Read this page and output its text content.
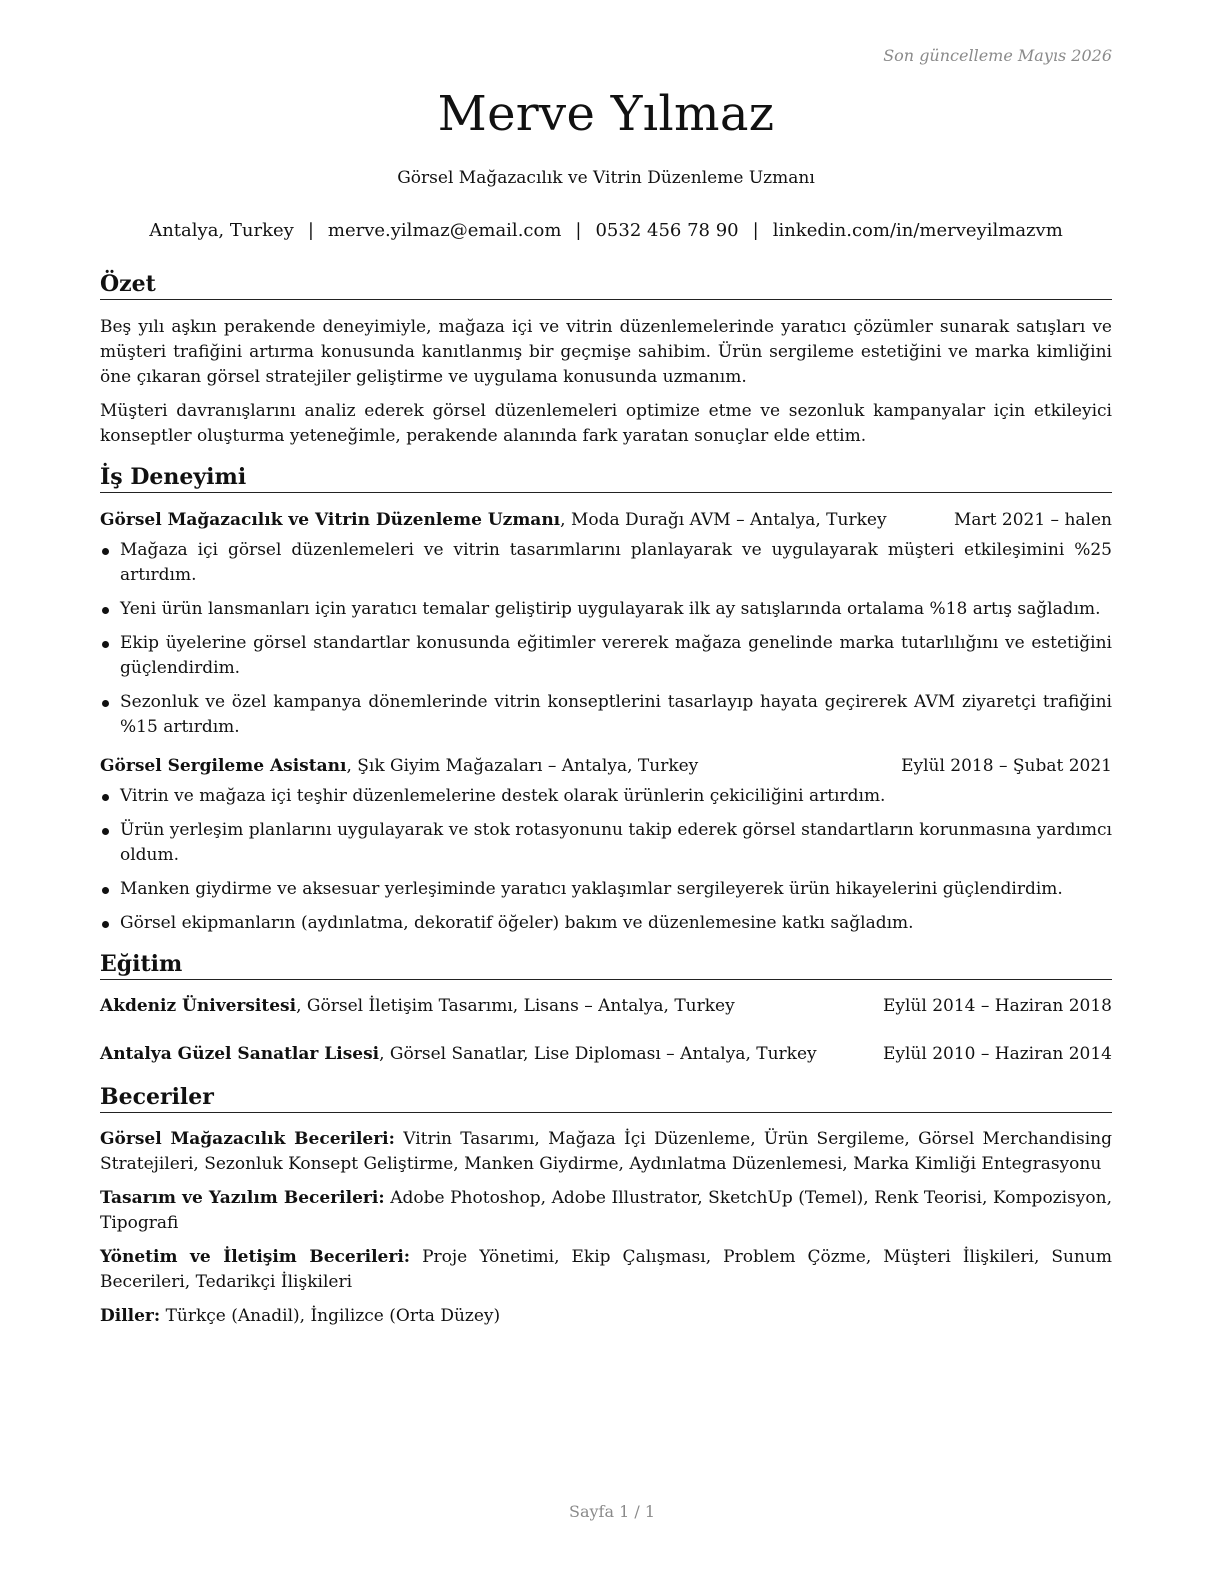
Son güncelleme Mayıs 2026
Merve Yılmaz
Görsel Mağazacılık ve Vitrin Düzenleme Uzmanı
Antalya, Turkey | merve.yilmaz@email.com | 0532 456 78 90 | linkedin.com/in/merveyilmazvm
Özet

Beş yılı aşkın perakende deneyimiyle, mağaza içi ve vitrin düzenlemelerinde yaratıcı çözümler sunarak satışları ve müşteri trafiğini artırma konusunda kanıtlanmış bir geçmişe sahibim. Ürün sergileme estetiğini ve marka kimliğini öne çıkaran görsel stratejiler geliştirme ve uygulama konusunda uzmanım.

Müşteri davranışlarını analiz ederek görsel düzenlemeleri optimize etme ve sezonluk kampanyalar için etkileyici konseptler oluşturma yeteneğimle, perakende alanında fark yaratan sonuçlar elde ettim.

İş Deneyimi
Görsel Mağazacılık ve Vitrin Düzenleme Uzmanı, Moda Durağı AVM – Antalya, Turkey	Mart 2021 – halen
Mağaza içi görsel düzenlemeleri ve vitrin tasarımlarını planlayarak ve uygulayarak müşteri etkileşimini %25 artırdım.
Yeni ürün lansmanları için yaratıcı temalar geliştirip uygulayarak ilk ay satışlarında ortalama %18 artış sağladım.
Ekip üyelerine görsel standartlar konusunda eğitimler vererek mağaza genelinde marka tutarlılığını ve estetiğini güçlendirdim.
Sezonluk ve özel kampanya dönemlerinde vitrin konseptlerini tasarlayıp hayata geçirerek AVM ziyaretçi trafiğini %15 artırdım.
Görsel Sergileme Asistanı, Şık Giyim Mağazaları – Antalya, Turkey	Eylül 2018 – Şubat 2021
Vitrin ve mağaza içi teşhir düzenlemelerine destek olarak ürünlerin çekiciliğini artırdım.
Ürün yerleşim planlarını uygulayarak ve stok rotasyonunu takip ederek görsel standartların korunmasına yardımcı oldum.
Manken giydirme ve aksesuar yerleşiminde yaratıcı yaklaşımlar sergileyerek ürün hikayelerini güçlendirdim.
Görsel ekipmanların (aydınlatma, dekoratif öğeler) bakım ve düzenlemesine katkı sağladım.
Eğitim
Akdeniz Üniversitesi, Görsel İletişim Tasarımı, Lisans – Antalya, Turkey	Eylül 2014 – Haziran 2018
Antalya Güzel Sanatlar Lisesi, Görsel Sanatlar, Lise Diploması – Antalya, Turkey	Eylül 2010 – Haziran 2014
Beceriler
Görsel Mağazacılık Becerileri: Vitrin Tasarımı, Mağaza İçi Düzenleme, Ürün Sergileme, Görsel Merchandising Stratejileri, Sezonluk Konsept Geliştirme, Manken Giydirme, Aydınlatma Düzenlemesi, Marka Kimliği Entegrasyonu
Tasarım ve Yazılım Becerileri: Adobe Photoshop, Adobe Illustrator, SketchUp (Temel), Renk Teorisi, Kompozisyon, Tipografi
Yönetim ve İletişim Becerileri: Proje Yönetimi, Ekip Çalışması, Problem Çözme, Müşteri İlişkileri, Sunum Becerileri, Tedarikçi İlişkileri
Diller: Türkçe (Anadil), İngilizce (Orta Düzey)
Sayfa 1 / 1
